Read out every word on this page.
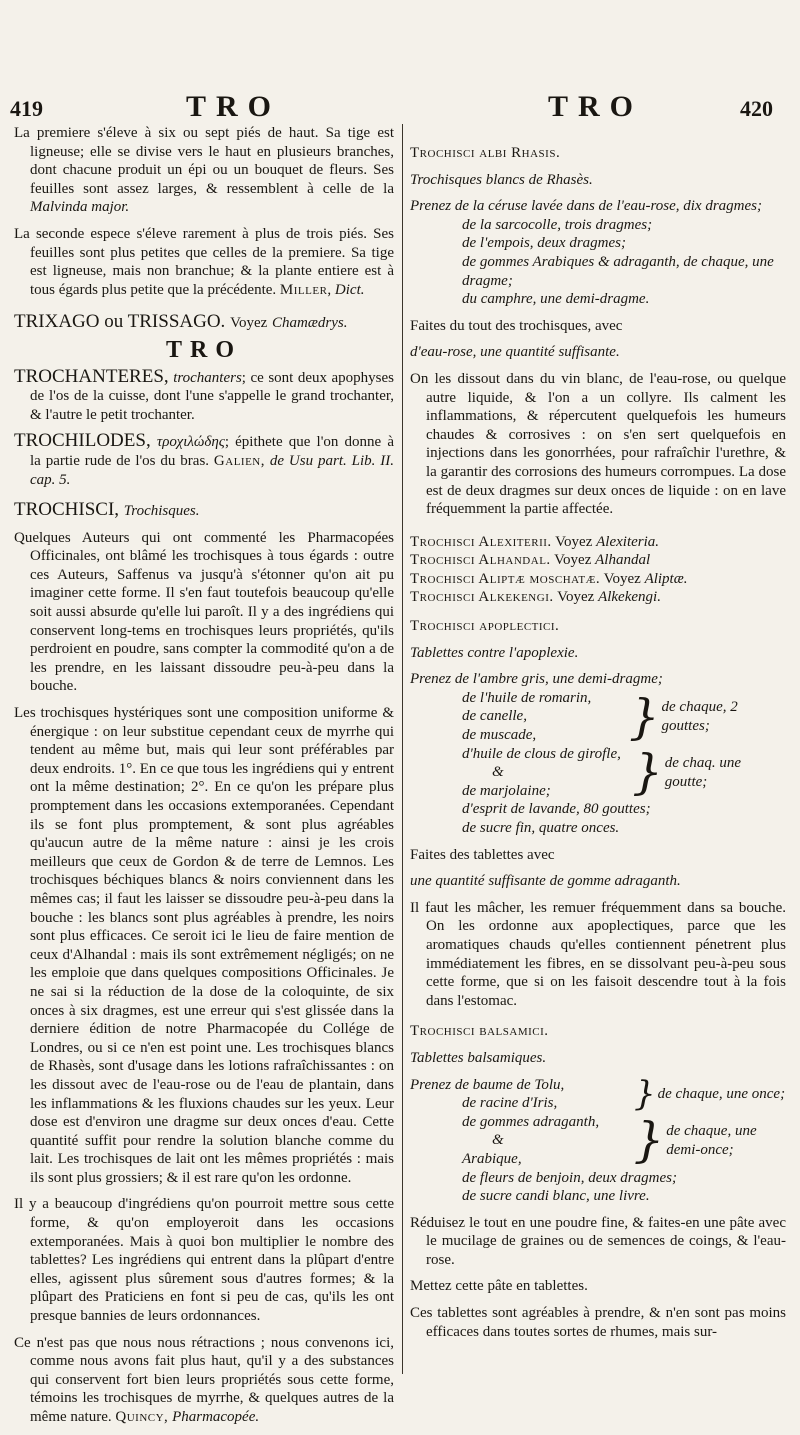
419	TRO	TRO	420

La premiere s'éleve à six ou sept piés de haut. Sa tige est ligneuse; elle se divise vers le haut en plusieurs branches, dont chacune produit un épi ou un bouquet de fleurs. Ses feuilles sont assez larges, & ressemblent à celle de la Malvinda major.

La seconde espece s'éleve rarement à plus de trois piés. Ses feuilles sont plus petites que celles de la premiere. Sa tige est ligneuse, mais non branchue; & la plante entiere est à tous égards plus petite que la précédente. Miller, Dict.

TRIXAGO ou TRISSAGO. Voyez Chamædrys.

TRO

TROCHANTERES, trochanters; ce sont deux apophyses de l'os de la cuisse, dont l'une s'appelle le grand trochanter, & l'autre le petit trochanter.

TROCHILODES, τροχιλώδης; épithete que l'on donne à la partie rude de l'os du bras. Galien, de Usu part. Lib. II. cap. 5.

TROCHISCI, Trochisques.

Quelques Auteurs qui ont commenté les Pharmacopées Officinales, ont blâmé les trochisques à tous égards : outre ces Auteurs, Saffenus va jusqu'à s'étonner qu'on ait pu imaginer cette forme. Il s'en faut toutefois beaucoup qu'elle soit aussi absurde qu'elle lui paroît. Il y a des ingrédiens qui conservent long-tems en trochisques leurs propriétés, qu'ils perdroient en poudre, sans compter la commodité qu'on a de les prendre, en les laissant dissoudre peu-à-peu dans la bouche.

Les trochisques hystériques sont une composition uniforme & énergique : on leur substitue cependant ceux de myrrhe qui tendent au même but, mais qui leur sont préférables par deux endroits. 1°. En ce que tous les ingrédiens qui y entrent ont la même destination; 2°. En ce qu'on les prépare plus promptement dans les occasions extemporanées. Cependant ils se font plus promptement, & sont plus agréables qu'aucun autre de la même nature : ainsi je les crois meilleurs que ceux de Gordon & de terre de Lemnos. Les trochisques béchiques blancs & noirs conviennent dans les mêmes cas; il faut les laisser se dissoudre peu-à-peu dans la bouche : les blancs sont plus agréables à prendre, les noirs sont plus efficaces. Ce seroit ici le lieu de faire mention de ceux d'Alhandal : mais ils sont extrêmement négligés; on ne les emploie que dans quelques compositions Officinales. Je ne sai si la réduction de la dose de la coloquinte, de six onces à six dragmes, est une erreur qui s'est glissée dans la derniere édition de notre Pharmacopée du Collége de Londres, ou si ce n'en est point une. Les trochisques blancs de Rhasès, sont d'usage dans les lotions rafraîchissantes : on les dissout avec de l'eau-rose ou de l'eau de plantain, dans les inflammations & les fluxions chaudes sur les yeux. Leur dose est d'environ une dragme sur deux onces d'eau. Cette quantité suffit pour rendre la solution blanche comme du lait. Les trochisques de lait ont les mêmes propriétés : mais ils sont plus grossiers; & il est rare qu'on les ordonne.

Il y a beaucoup d'ingrédiens qu'on pourroit mettre sous cette forme, & qu'on employeroit dans les occasions extemporanées. Mais à quoi bon multiplier le nombre des tablettes? Les ingrédiens qui entrent dans la plûpart d'entre elles, agissent plus sûrement sous d'autres formes; & la plûpart des Praticiens en font si peu de cas, qu'ils les ont presque bannies de leurs ordonnances.

Ce n'est pas que nous nous rétractions ; nous convenons ici, comme nous avons fait plus haut, qu'il y a des substances qui conservent fort bien leurs propriétés sous cette forme, témoins les trochisques de myrrhe, & quelques autres de la même nature. Quincy, Pharmacopée.

Trochisci albi Rhasis.

Trochisques blancs de Rhasès.

Prenez de la céruse lavée dans de l'eau-rose, dix dragmes;
de la sarcocolle, trois dragmes;
de l'empois, deux dragmes;
de gommes Arabiques & adraganth, de chaque, une dragme;
du camphre, une demi-dragme.

Faites du tout des trochisques, avec

d'eau-rose, une quantité suffisante.

On les dissout dans du vin blanc, de l'eau-rose, ou quelque autre liquide, & l'on a un collyre. Ils calment les inflammations, & répercutent quelquefois les humeurs chaudes & corrosives : on s'en sert quelquefois en injections dans les gonorrhées, pour rafraîchir l'urethre, & la garantir des corrosions des humeurs corrompues. La dose est de deux dragmes sur deux onces de liquide : on en lave fréquemment la partie affectée.

Trochisci Alexiterii. Voyez Alexiteria.
Trochisci Alhandal. Voyez Alhandal
Trochisci Aliptæ moschatæ. Voyez Aliptæ.
Trochisci Alkekengi. Voyez Alkekengi.

Trochisci apoplectici.

Tablettes contre l'apoplexie.

Prenez de l'ambre gris, une demi-dragme;
de l'huile de romarin,
de canelle,
de muscade,	} de chaque, 2 gouttes;
d'huile de clous de girofle,
&
de marjolaine;	} de chaq. une goutte;
d'esprit de lavande, 80 gouttes;
de sucre fin, quatre onces.

Faites des tablettes avec

une quantité suffisante de gomme adraganth.

Il faut les mâcher, les remuer fréquemment dans sa bouche. On les ordonne aux apoplectiques, parce que les aromatiques chauds qu'elles contiennent pénetrent plus immédiatement les fibres, en se dissolvant peu-à-peu sous cette forme, que si on les faisoit descendre tout à la fois dans l'estomac.

Trochisci balsamici.

Tablettes balsamiques.

Prenez de baume de Tolu,
de racine d'Iris,	} de chaque, une once;
de gommes adraganth,
&
Arabique,	} de chaque, une demi-once;
de fleurs de benjoin, deux dragmes;
de sucre candi blanc, une livre.

Réduisez le tout en une poudre fine, & faites-en une pâte avec le mucilage de graines ou de semences de coings, & l'eau-rose.

Mettez cette pâte en tablettes.

Ces tablettes sont agréables à prendre, & n'en sont pas moins efficaces dans toutes sortes de rhumes, mais sur-
